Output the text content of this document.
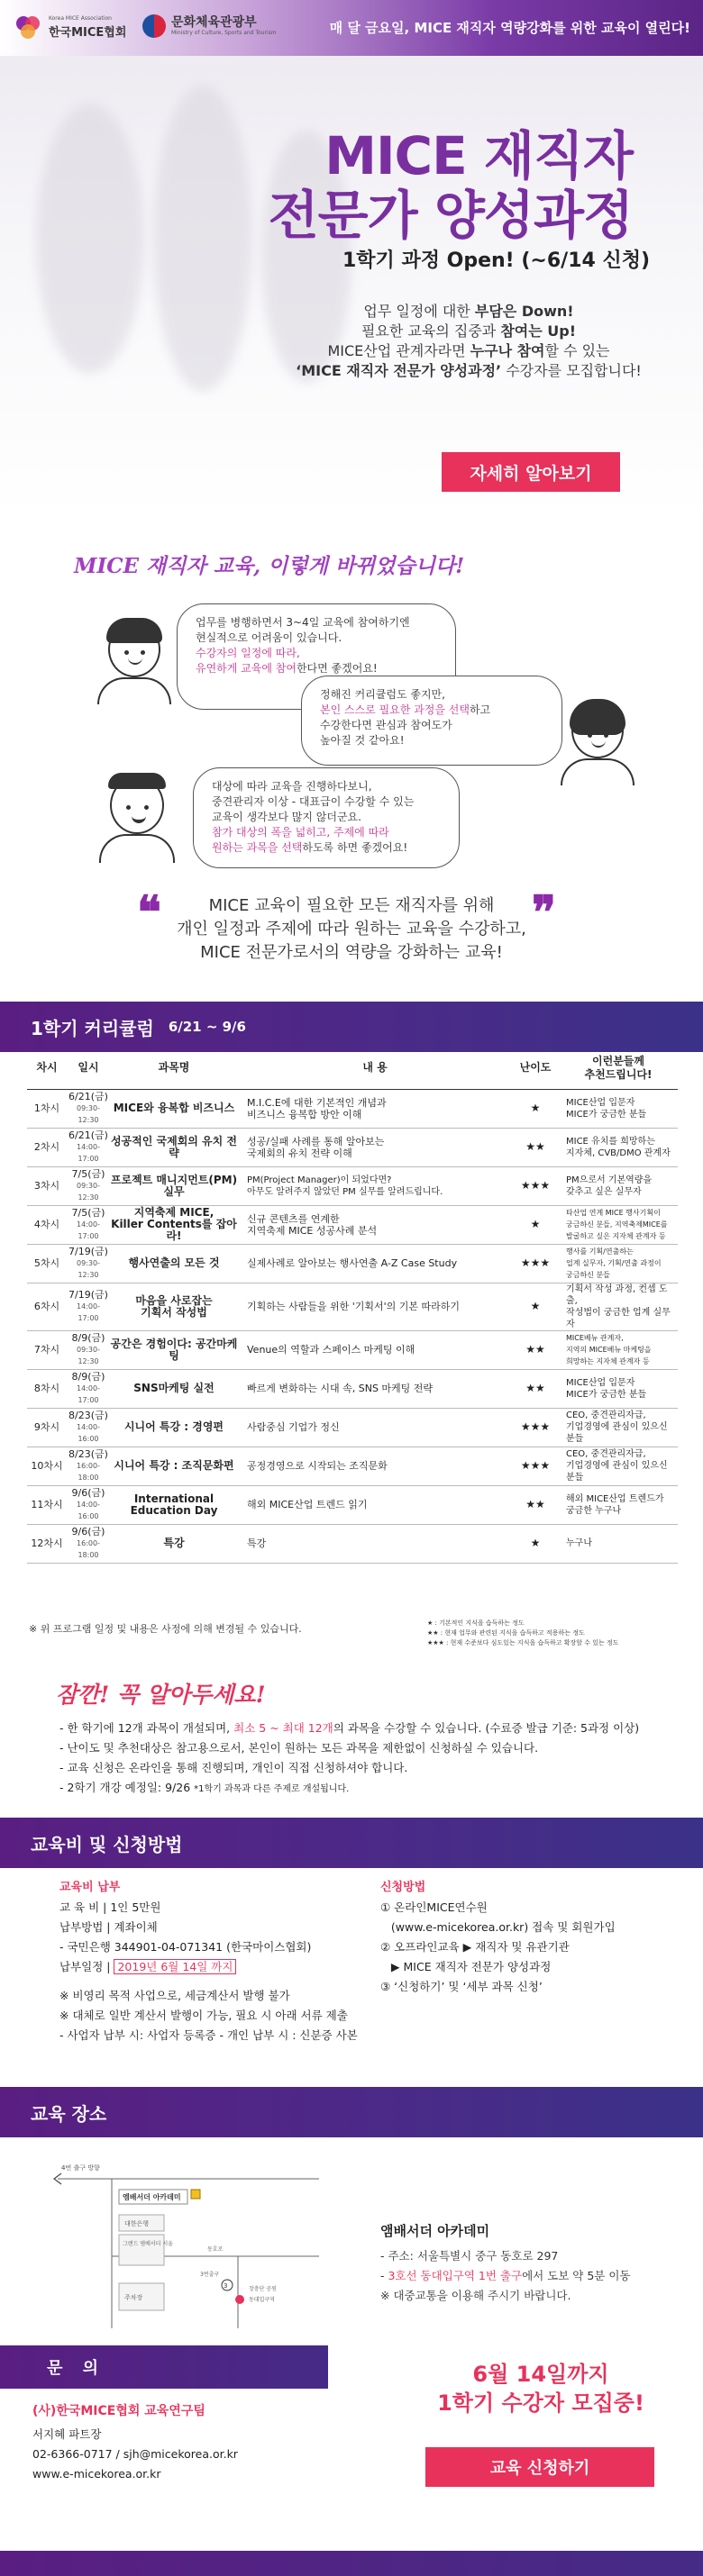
Korea MICE Association
한국MICE협회
문화체육관광부
Ministry of Culture, Sports and Tourism	매 달 금요일, MICE 재직자 역량강화를 위한 교육이 열린다!
MICE 재직자
전문가 양성과정
1학기 과정 Open! (~6/14 신청)
업무 일정에 대한 부담은 Down!
필요한 교육의 집중과 참여는 Up!
MICE산업 관계자라면 누구나 참여할 수 있는
‘MICE 재직자 전문가 양성과정’ 수강자를 모집합니다!
자세히 알아보기
MICE 재직자 교육, 이렇게 바뀌었습니다!
업무를 병행하면서 3~4일 교육에 참여하기엔
현실적으로 어려움이 있습니다.
수강자의 일정에 따라,
유연하게 교육에 참여한다면 좋겠어요!
정해진 커리큘럼도 좋지만,
본인 스스로 필요한 과정을 선택하고
수강한다면 관심과 참여도가
높아질 것 같아요!
대상에 따라 교육을 진행하다보니,
중견관리자 이상 - 대표급이 수강할 수 있는
교육이 생각보다 많지 않더군요.
참가 대상의 폭을 넓히고, 주제에 따라
원하는 과목을 선택하도록 하면 좋겠어요!
❝	❞
MICE 교육이 필요한 모든 재직자를 위해
개인 일정과 주제에 따라 원하는 교육을 수강하고,
MICE 전문가로서의 역량을 강화하는 교육!
1학기 커리큘럼 6/21 ~ 9/6
차시	일시	과목명	내 용	난이도	이런분들께
추천드립니다!
1차시	6/21(금)
09:30-12:30	MICE와 융복합 비즈니스	M.I.C.E에 대한 기본적인 개념과
비즈니스 융복합 방안 이해	★	MICE산업 입문자
MICE가 궁금한 분들
2차시	6/21(금)
14:00-17:00	성공적인 국제회의 유치 전략	성공/실패 사례를 통해 알아보는
국제회의 유치 전략 이해	★★	MICE 유치를 희망하는
지자체, CVB/DMO 관계자
3차시	7/5(금)
09:30-12:30	프로젝트 매니지먼트(PM) 실무	PM(Project Manager)이 되었다면?
아무도 알려주지 않았던 PM 실무를 알려드립니다.	★★★	PM으로서 기본역량을
갖추고 싶은 실무자
4차시	7/5(금)
14:00-17:00	지역축제 MICE,
Killer Contents를 잡아라!	신규 콘텐츠를 연계한
지역축제 MICE 성공사례 분석	★	타산업 연계 MICE 행사기획이
궁금하신 분들, 지역축제MICE를
발굴하고 싶은 지자체 관계자 등
5차시	7/19(금)
09:30-12:30	행사연출의 모든 것	실제사례로 알아보는 행사연출 A-Z Case Study	★★★	행사를 기획/연출하는
업계 실무자, 기획/연출 과정이
궁금하신 분들
6차시	7/19(금)
14:00-17:00	마음을 사로잡는
기획서 작성법	기획하는 사람들을 위한 '기획서'의 기본 따라하기	★	기획서 작성 과정, 컨셉 도출,
작성법이 궁금한 업계 실무자
7차시	8/9(금)
09:30-12:30	공간은 경험이다: 공간마케팅	Venue의 역할과 스페이스 마케팅 이해	★★	MICE베뉴 관계자,
지역의 MICE베뉴 마케팅을
희망하는 지자체 관계자 등
8차시	8/9(금)
14:00-17:00	SNS마케팅 실전	빠르게 변화하는 시대 속, SNS 마케팅 전략	★★	MICE산업 입문자
MICE가 궁금한 분들
9차시	8/23(금)
14:00-16:00	시니어 특강 : 경영편	사람중심 기업가 정신	★★★	CEO, 중견관리자급,
기업경영에 관심이 있으신 분들
10차시	8/23(금)
16:00-18:00	시니어 특강 : 조직문화편	공정경영으로 시작되는 조직문화	★★★	CEO, 중견관리자급,
기업경영에 관심이 있으신 분들
11차시	9/6(금)
14:00-16:00	International
Education Day	해외 MICE산업 트렌드 읽기	★★	해외 MICE산업 트렌드가
궁금한 누구나
12차시	9/6(금)
16:00-18:00	특강	특강	★	누구나
※ 위 프로그램 일정 및 내용은 사정에 의해 변경될 수 있습니다.	★ : 기본적인 지식을 습득하는 정도
★★ : 현재 업무와 관련된 지식을 습득하고 적용하는 정도
★★★ : 현재 수준보다 심도있는 지식을 습득하고 확장할 수 있는 정도
잠깐! 꼭 알아두세요!
- 한 학기에 12개 과목이 개설되며, 최소 5 ~ 최대 12개의 과목을 수강할 수 있습니다. (수료증 발급 기준: 5과정 이상)
- 난이도 및 추천대상은 참고용으로서, 본인이 원하는 모든 과목을 제한없이 신청하실 수 있습니다.
- 교육 신청은 온라인을 통해 진행되며, 개인이 직접 신청하셔야 합니다.
- 2학기 개강 예정일: 9/26 *1학기 과목과 다른 주제로 개설됩니다.
교육비 및 신청방법
교육비 납부
교 육 비 | 1인 5만원
납부방법 | 계좌이체
- 국민은행 344901-04-071341 (한국마이스협회)
납부일정 | 2019년 6월 14일 까지
※ 비영리 목적 사업으로, 세금계산서 발행 불가
※ 대체로 일반 계산서 발행이 가능, 필요 시 아래 서류 제출
- 사업자 납부 시: 사업자 등록증 - 개인 납부 시 : 신분증 사본
신청방법
① 온라인MICE연수원
(www.e-micekorea.or.kr) 접속 및 회원가입
② 오프라인교육 ▶ 재직자 및 유관기관
▶ MICE 재직자 전문가 양성과정
③ ‘신청하기’ 및 ‘세부 과목 신청’
교육 장소
4번 출구 방향
엠배서더 아카데미
대한은행
그랜드 앰배서더 서울
주차장
3
3번출구
장충단 공원
동대입구역
동호로
앰배서더 아카데미
- 주소: 서울특별시 중구 동호로 297
- 3호선 동대입구역 1번 출구에서 도보 약 5분 이동
※ 대중교통을 이용해 주시기 바랍니다.
문 의
(사)한국MICE협회 교육연구팀
서지혜 파트장
02-6366-0717 / sjh@micekorea.or.kr
www.e-micekorea.or.kr
6월 14일까지
1학기 수강자 모집중!
교육 신청하기
